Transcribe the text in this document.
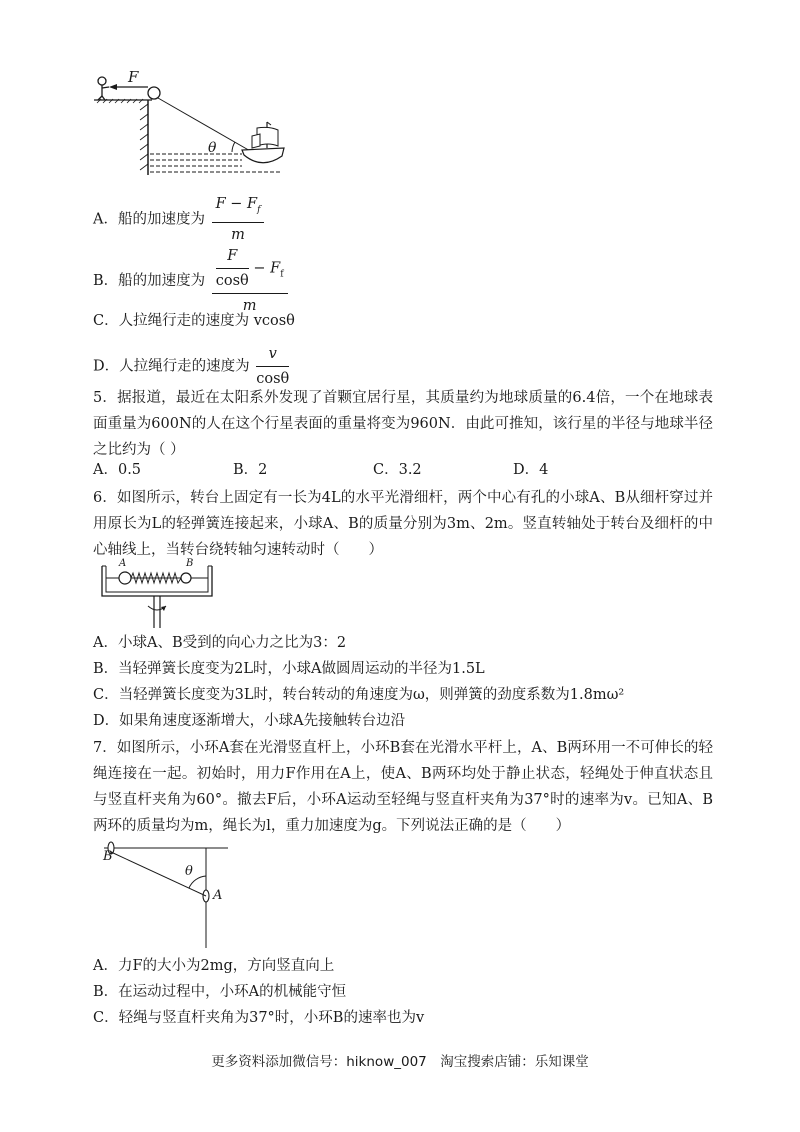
F
θ
A．船的加速度为 $\frac{F - F_f}{m}$
B．船的加速度为 $\frac{\frac{F}{\cos\theta} - F_f}{m}$
C．人拉绳行走的速度为 vcosθ
D．人拉绳行走的速度为 $\frac{v}{\cos\theta}$
5．据报道，最近在太阳系外发现了首颗宜居行星，其质量约为地球质量的6.4倍，一个在地球表面重量为600N的人在这个行星表面的重量将变为960N．由此可推知，该行星的半径与地球半径之比约为（ ）
A．0.5	B．2	C．3.2	D．4
6．如图所示，转台上固定有一长为4L的水平光滑细杆，两个中心有孔的小球A、B从细杆穿过并用原长为L的轻弹簧连接起来，小球A、B的质量分别为3m、2m。竖直转轴处于转台及细杆的中心轴线上，当转台绕转轴匀速转动时（　　）
A	B
A．小球A、B受到的向心力之比为3：2
B．当轻弹簧长度变为2L时，小球A做圆周运动的半径为1.5L
C．当轻弹簧长度变为3L时，转台转动的角速度为ω，则弹簧的劲度系数为1.8mω²
D．如果角速度逐渐增大，小球A先接触转台边沿
7．如图所示，小环A套在光滑竖直杆上，小环B套在光滑水平杆上，A、B两环用一不可伸长的轻绳连接在一起。初始时，用力F作用在A上，使A、B两环均处于静止状态，轻绳处于伸直状态且与竖直杆夹角为60°。撤去F后，小环A运动至轻绳与竖直杆夹角为37°时的速率为v。已知A、B两环的质量均为m，绳长为l，重力加速度为g。下列说法正确的是（　　）
B
θ
A
A．力F的大小为2mg，方向竖直向上
B．在运动过程中，小环A的机械能守恒
C．轻绳与竖直杆夹角为37°时，小环B的速率也为v
更多资料添加微信号：hiknow_007　淘宝搜索店铺：乐知课堂
